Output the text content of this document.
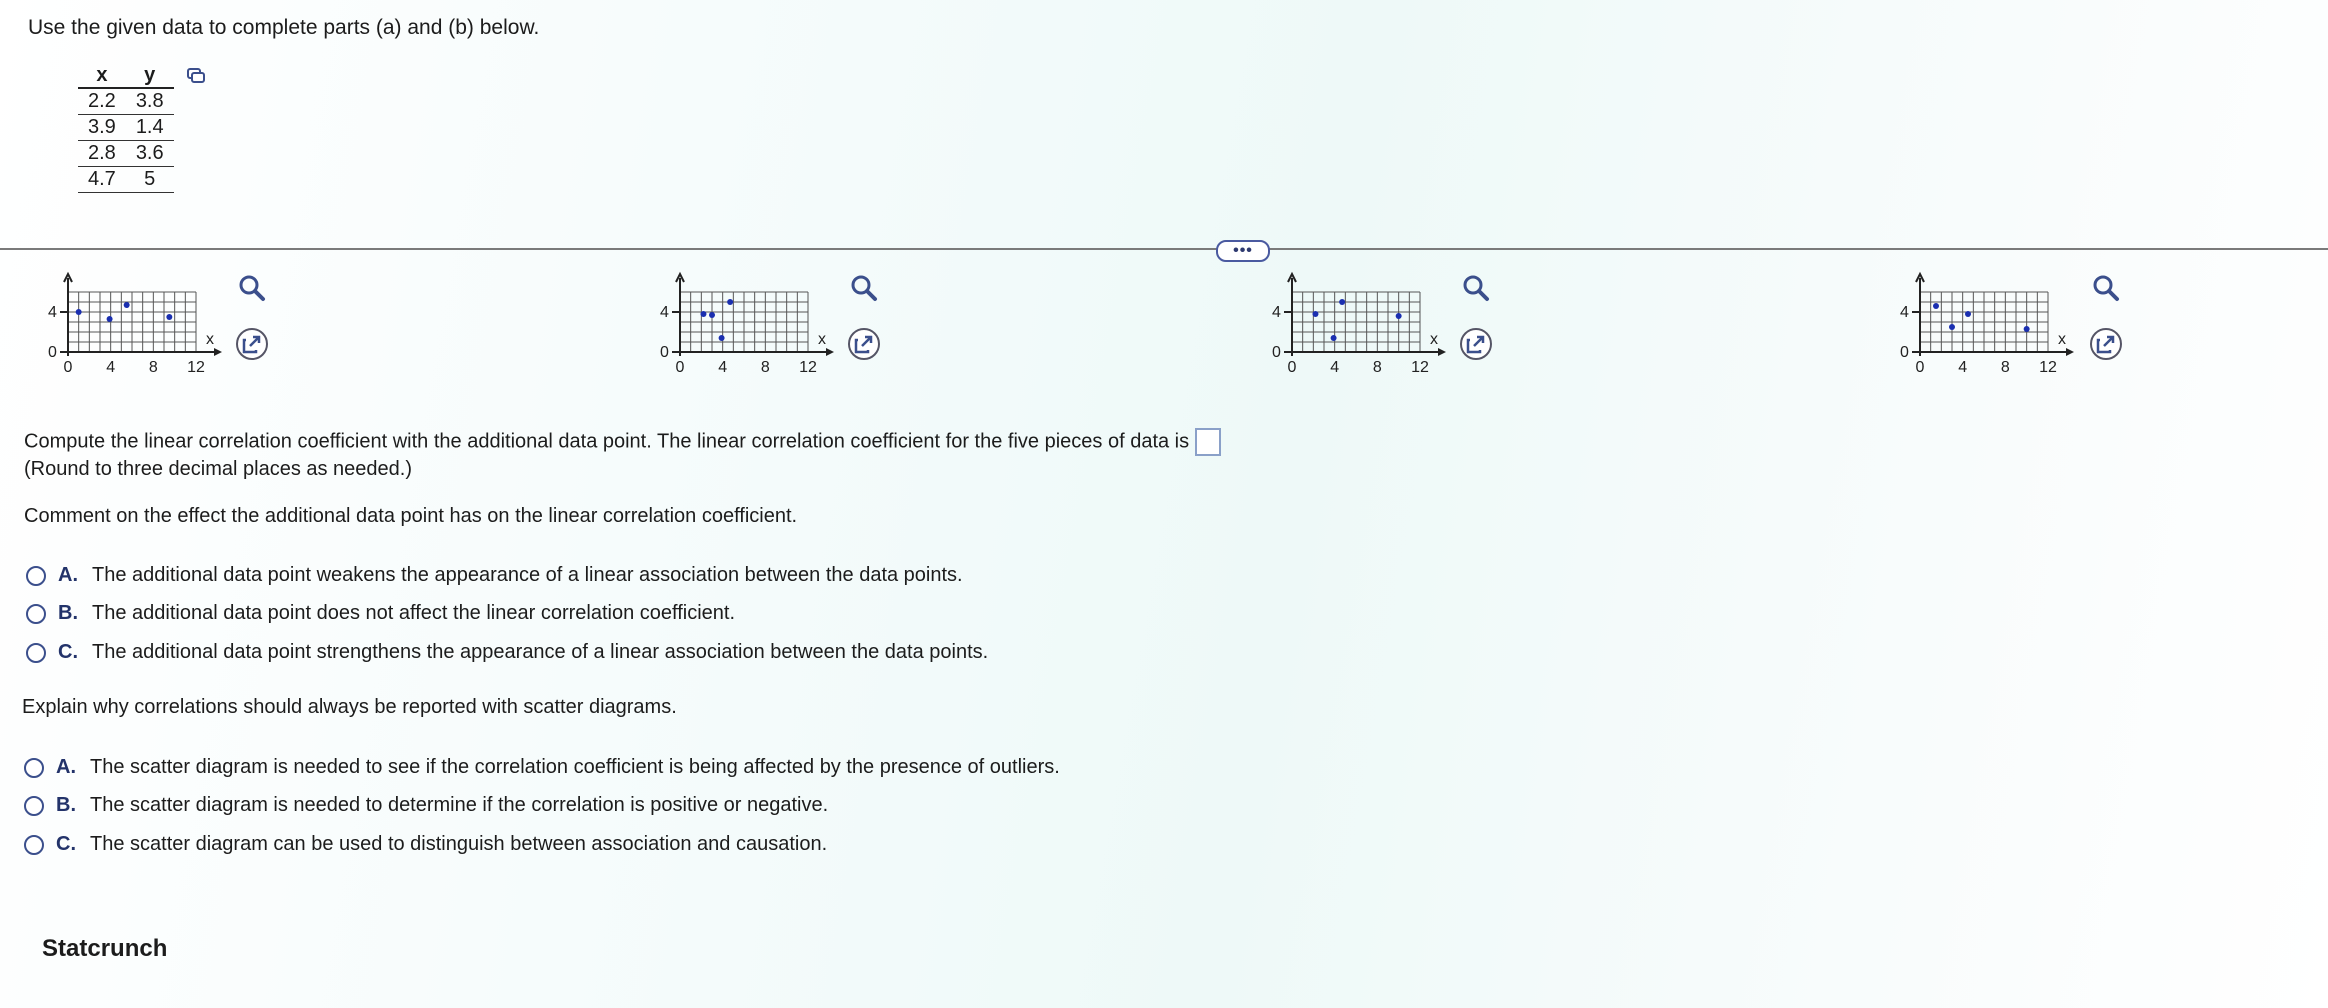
Use the given data to complete parts (a) and (b) below.
x	y
2.2	3.8
3.9	1.4
2.8	3.6
4.7	5
•••
4
0
0 4 8 12
x
4
0
0 4 8 12
x
4
0
0 4 8 12
x
4
0
0 4 8 12
x
Compute the linear correlation coefficient with the additional data point. The linear correlation coefficient for the five pieces of data is
(Round to three decimal places as needed.)
Comment on the effect the additional data point has on the linear correlation coefficient.
A. The additional data point weakens the appearance of a linear association between the data points.
B. The additional data point does not affect the linear correlation coefficient.
C. The additional data point strengthens the appearance of a linear association between the data points.
Explain why correlations should always be reported with scatter diagrams.
A. The scatter diagram is needed to see if the correlation coefficient is being affected by the presence of outliers.
B. The scatter diagram is needed to determine if the correlation is positive or negative.
C. The scatter diagram can be used to distinguish between association and causation.
Statcrunch
